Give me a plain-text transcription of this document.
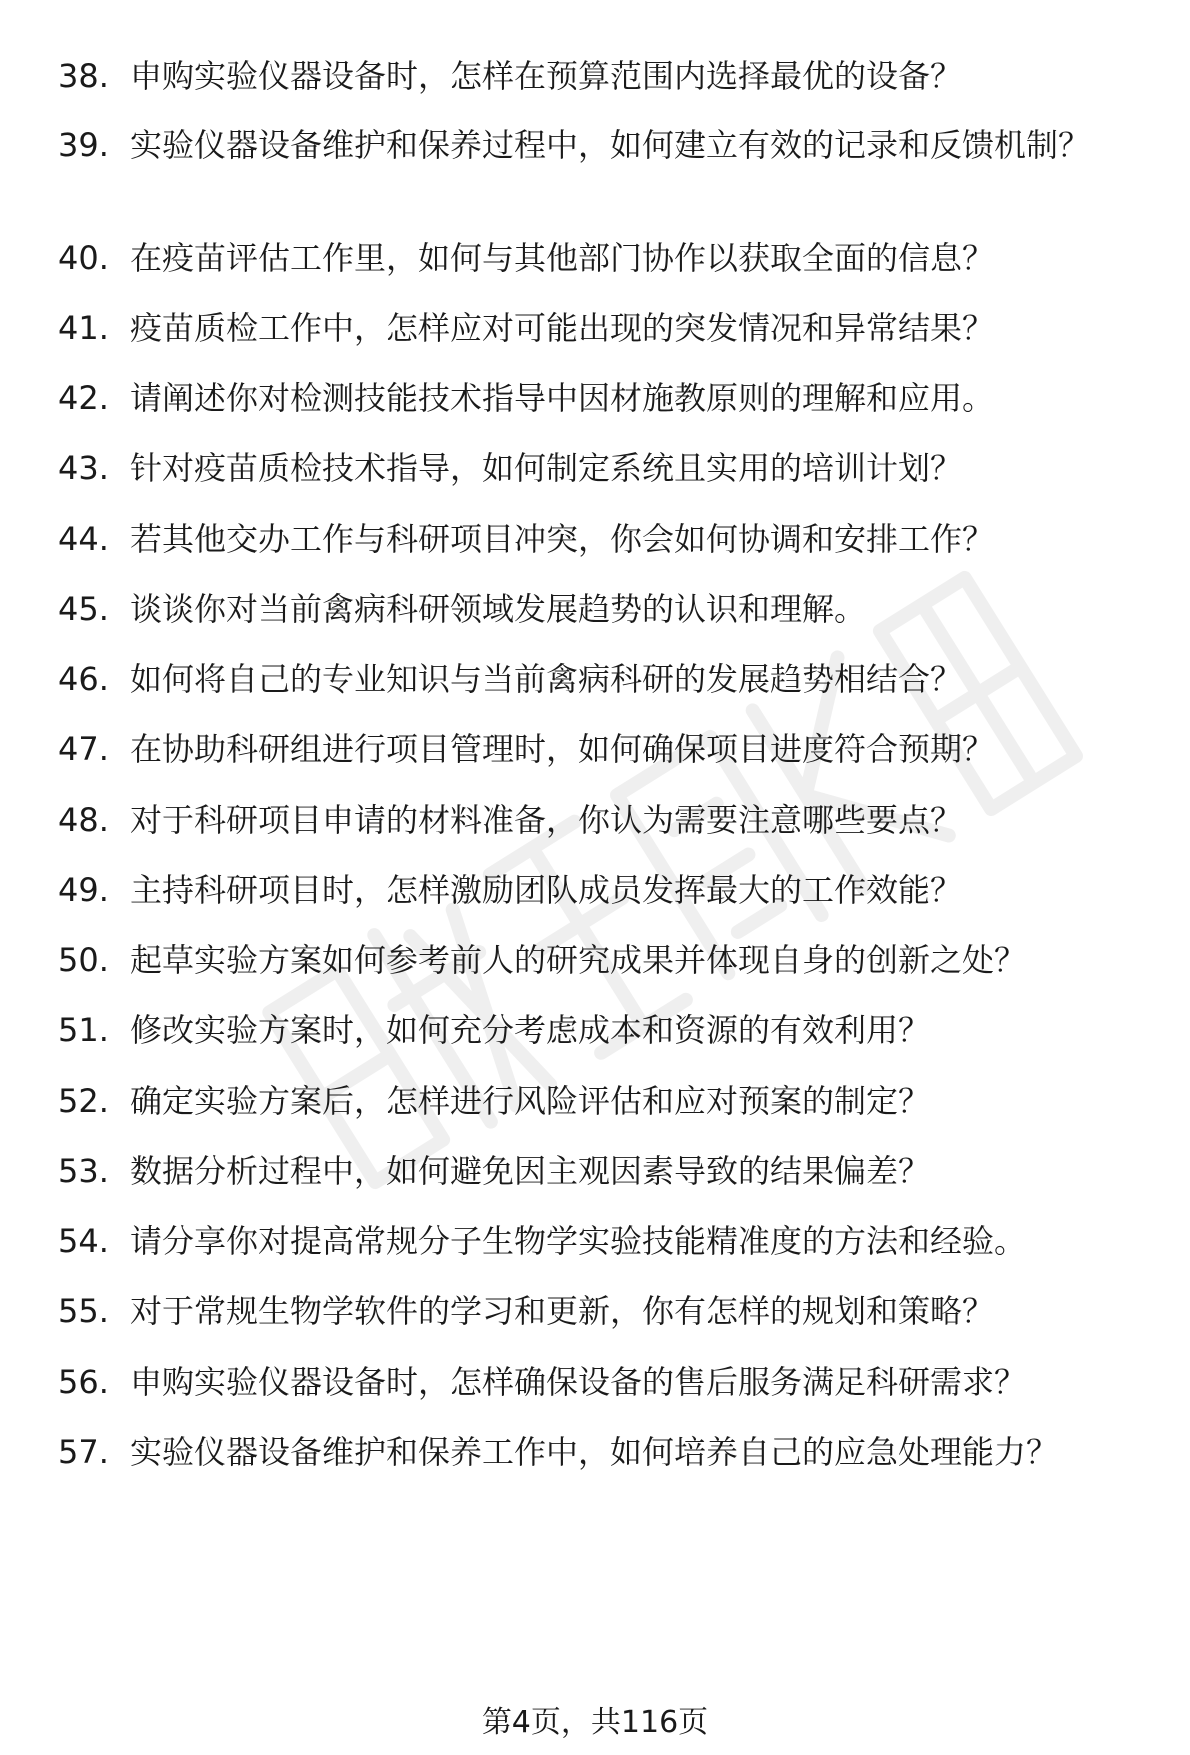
38. 申购实验仪器设备时，怎样在预算范围内选择最优的设备？
39. 实验仪器设备维护和保养过程中，如何建立有效的记录和反馈机制？
40. 在疫苗评估工作里，如何与其他部门协作以获取全面的信息？
41. 疫苗质检工作中，怎样应对可能出现的突发情况和异常结果？
42. 请阐述你对检测技能技术指导中因材施教原则的理解和应用。
43. 针对疫苗质检技术指导，如何制定系统且实用的培训计划？
44. 若其他交办工作与科研项目冲突，你会如何协调和安排工作？
45. 谈谈你对当前禽病科研领域发展趋势的认识和理解。
46. 如何将自己的专业知识与当前禽病科研的发展趋势相结合？
47. 在协助科研组进行项目管理时，如何确保项目进度符合预期？
48. 对于科研项目申请的材料准备，你认为需要注意哪些要点？
49. 主持科研项目时，怎样激励团队成员发挥最大的工作效能？
50. 起草实验方案如何参考前人的研究成果并体现自身的创新之处？
51. 修改实验方案时，如何充分考虑成本和资源的有效利用？
52. 确定实验方案后，怎样进行风险评估和应对预案的制定？
53. 数据分析过程中，如何避免因主观因素导致的结果偏差？
54. 请分享你对提高常规分子生物学实验技能精准度的方法和经验。
55. 对于常规生物学软件的学习和更新，你有怎样的规划和策略？
56. 申购实验仪器设备时，怎样确保设备的售后服务满足科研需求？
57. 实验仪器设备维护和保养工作中，如何培养自己的应急处理能力？
第4页，共116页
